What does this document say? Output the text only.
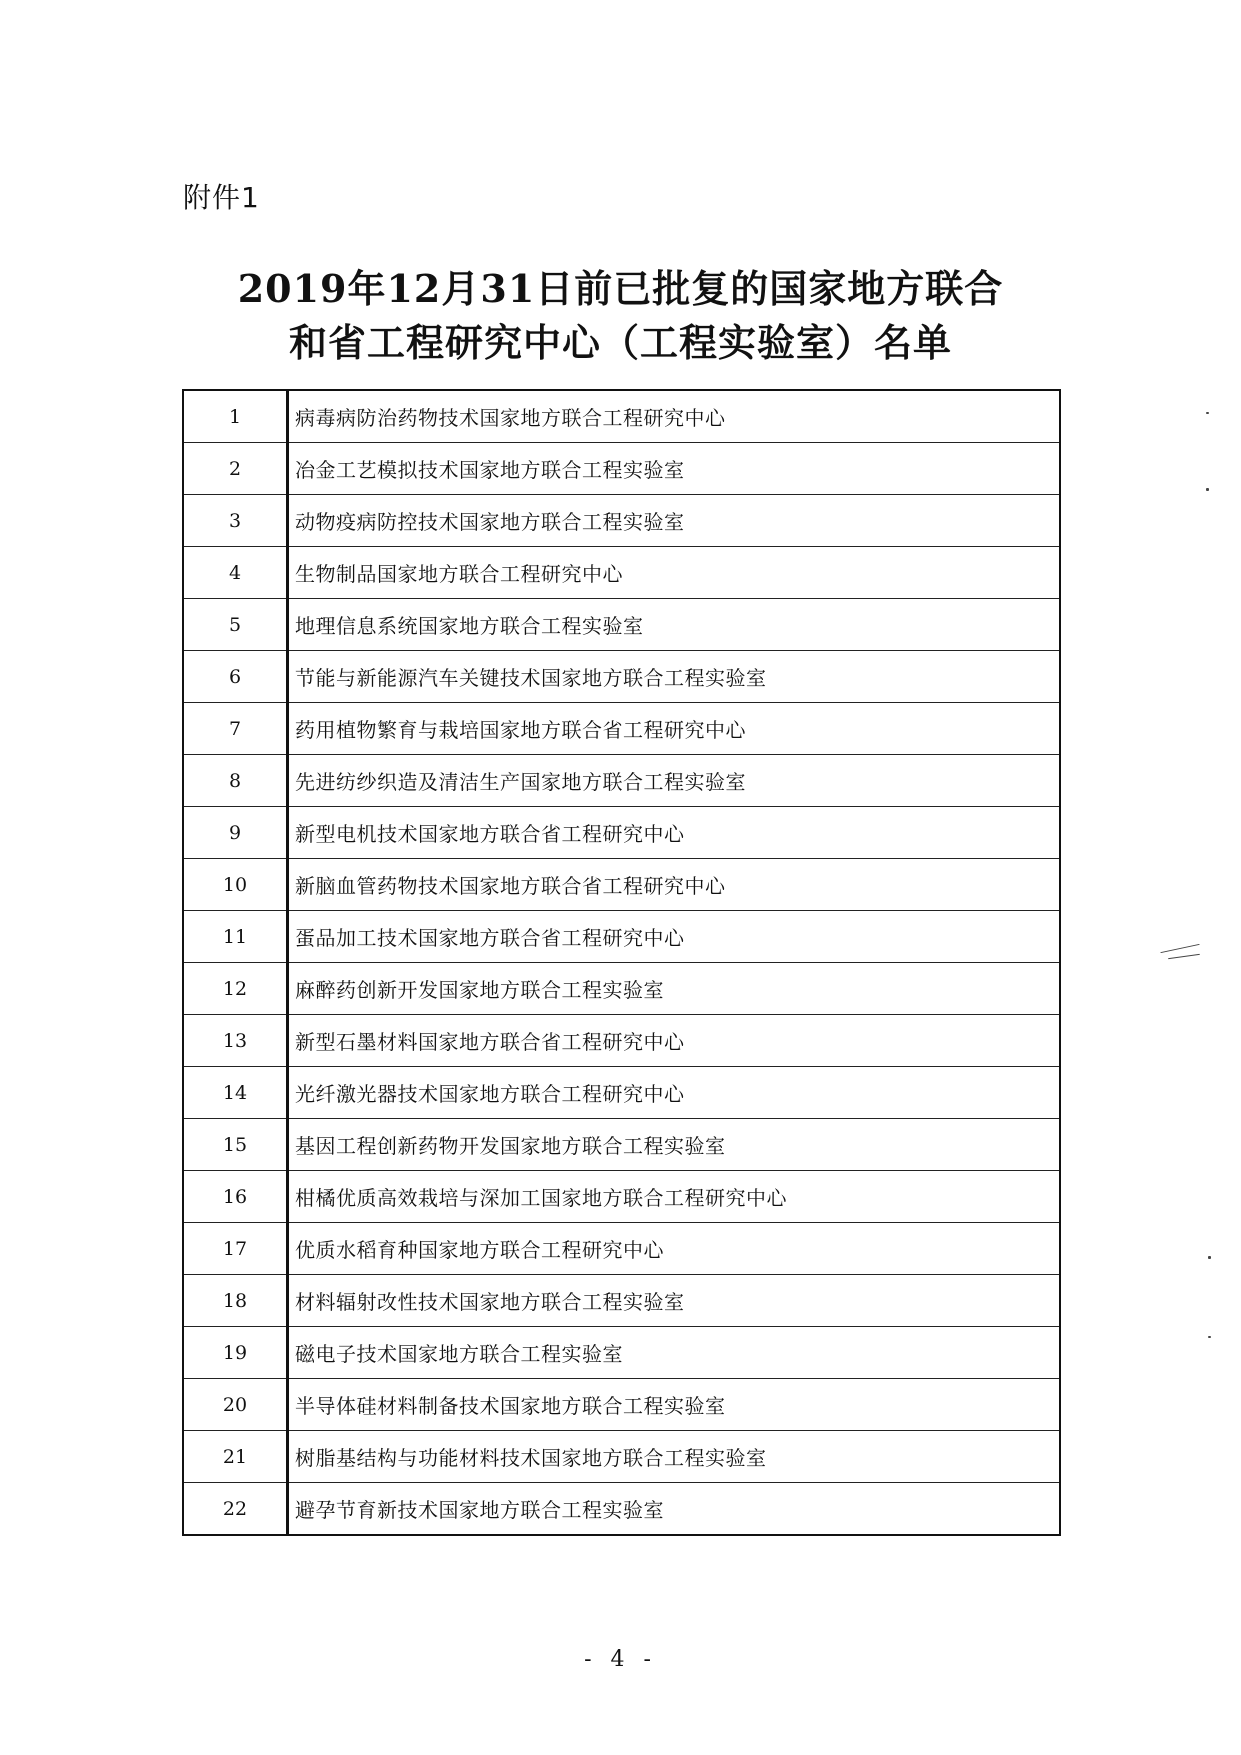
附件1
2019年12月31日前已批复的国家地方联合
和省工程研究中心（工程实验室）名单
1	病毒病防治药物技术国家地方联合工程研究中心
2	冶金工艺模拟技术国家地方联合工程实验室
3	动物疫病防控技术国家地方联合工程实验室
4	生物制品国家地方联合工程研究中心
5	地理信息系统国家地方联合工程实验室
6	节能与新能源汽车关键技术国家地方联合工程实验室
7	药用植物繁育与栽培国家地方联合省工程研究中心
8	先进纺纱织造及清洁生产国家地方联合工程实验室
9	新型电机技术国家地方联合省工程研究中心
10	新脑血管药物技术国家地方联合省工程研究中心
11	蛋品加工技术国家地方联合省工程研究中心
12	麻醉药创新开发国家地方联合工程实验室
13	新型石墨材料国家地方联合省工程研究中心
14	光纤激光器技术国家地方联合工程研究中心
15	基因工程创新药物开发国家地方联合工程实验室
16	柑橘优质高效栽培与深加工国家地方联合工程研究中心
17	优质水稻育种国家地方联合工程研究中心
18	材料辐射改性技术国家地方联合工程实验室
19	磁电子技术国家地方联合工程实验室
20	半导体硅材料制备技术国家地方联合工程实验室
21	树脂基结构与功能材料技术国家地方联合工程实验室
22	避孕节育新技术国家地方联合工程实验室
- 4 -
